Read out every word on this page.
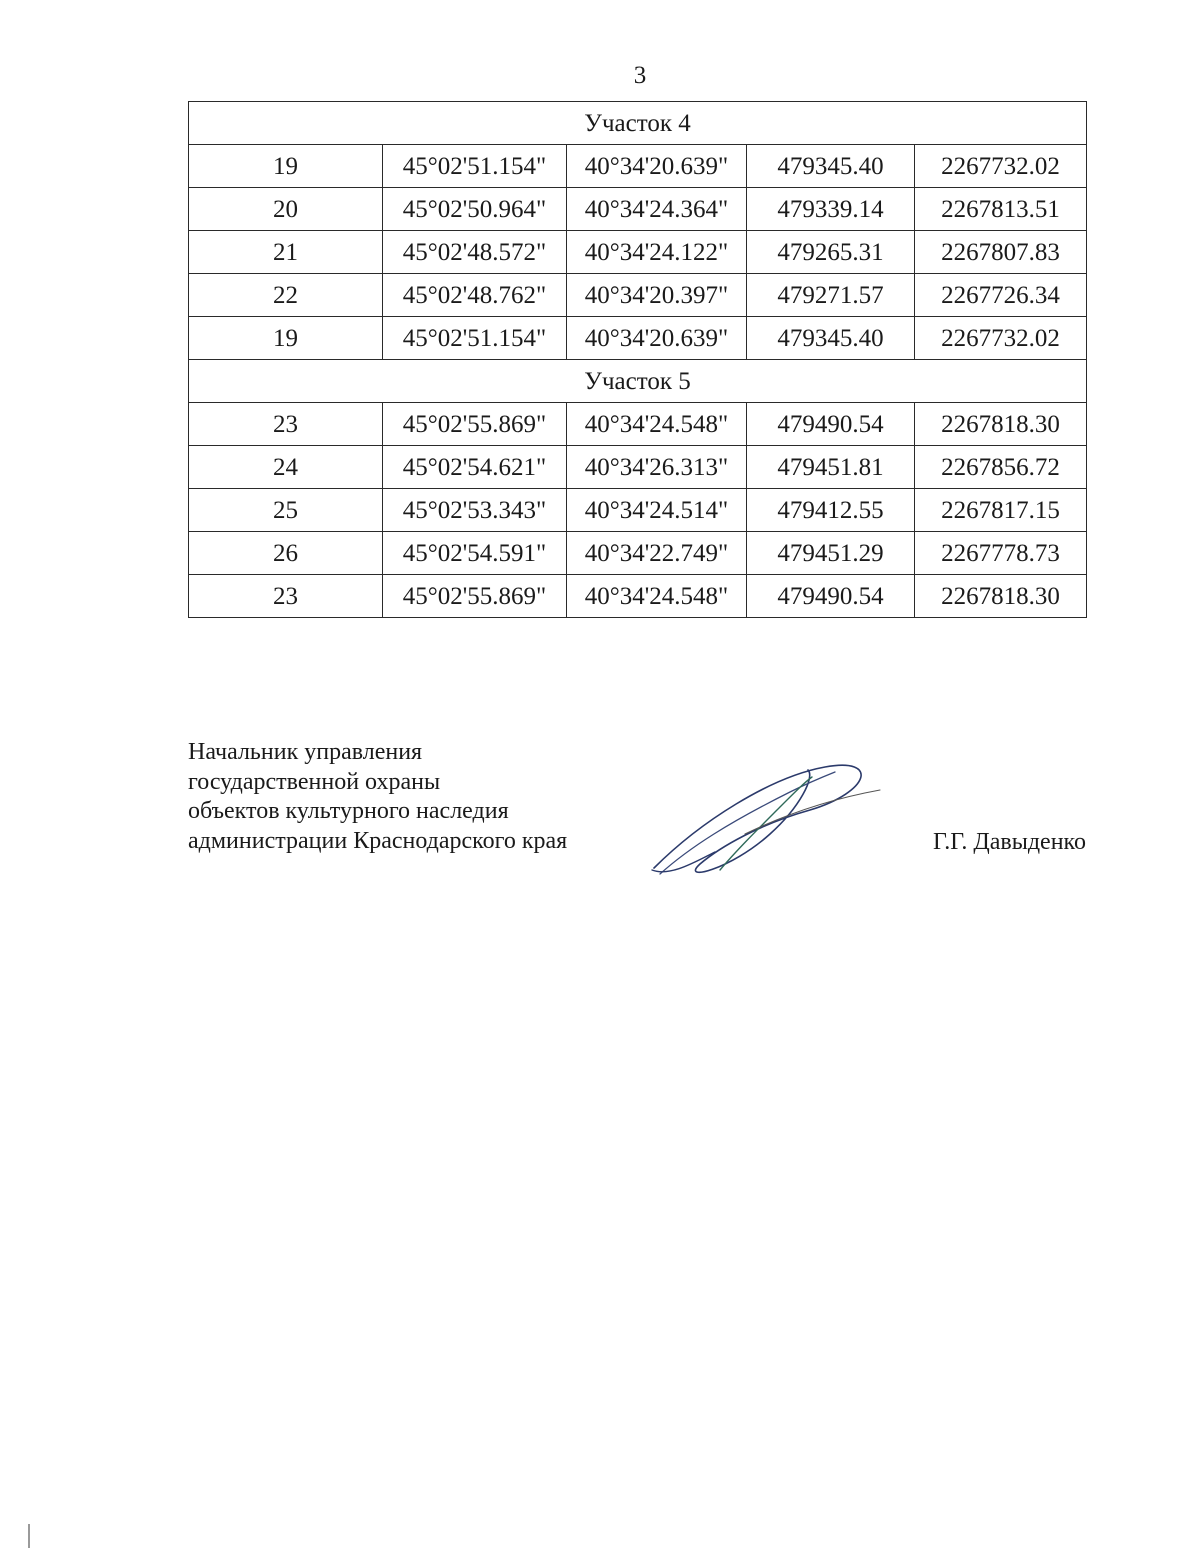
3
Участок 4				
19	45°02'51.154"	40°34'20.639"	479345.40	2267732.02
20	45°02'50.964"	40°34'24.364"	479339.14	2267813.51
21	45°02'48.572"	40°34'24.122"	479265.31	2267807.83
22	45°02'48.762"	40°34'20.397"	479271.57	2267726.34
19	45°02'51.154"	40°34'20.639"	479345.40	2267732.02
Участок 5				
23	45°02'55.869"	40°34'24.548"	479490.54	2267818.30
24	45°02'54.621"	40°34'26.313"	479451.81	2267856.72
25	45°02'53.343"	40°34'24.514"	479412.55	2267817.15
26	45°02'54.591"	40°34'22.749"	479451.29	2267778.73
23	45°02'55.869"	40°34'24.548"	479490.54	2267818.30
Начальник управления
государственной охраны
объектов культурного наследия
администрации Краснодарского края	Г.Г. Давыденко
